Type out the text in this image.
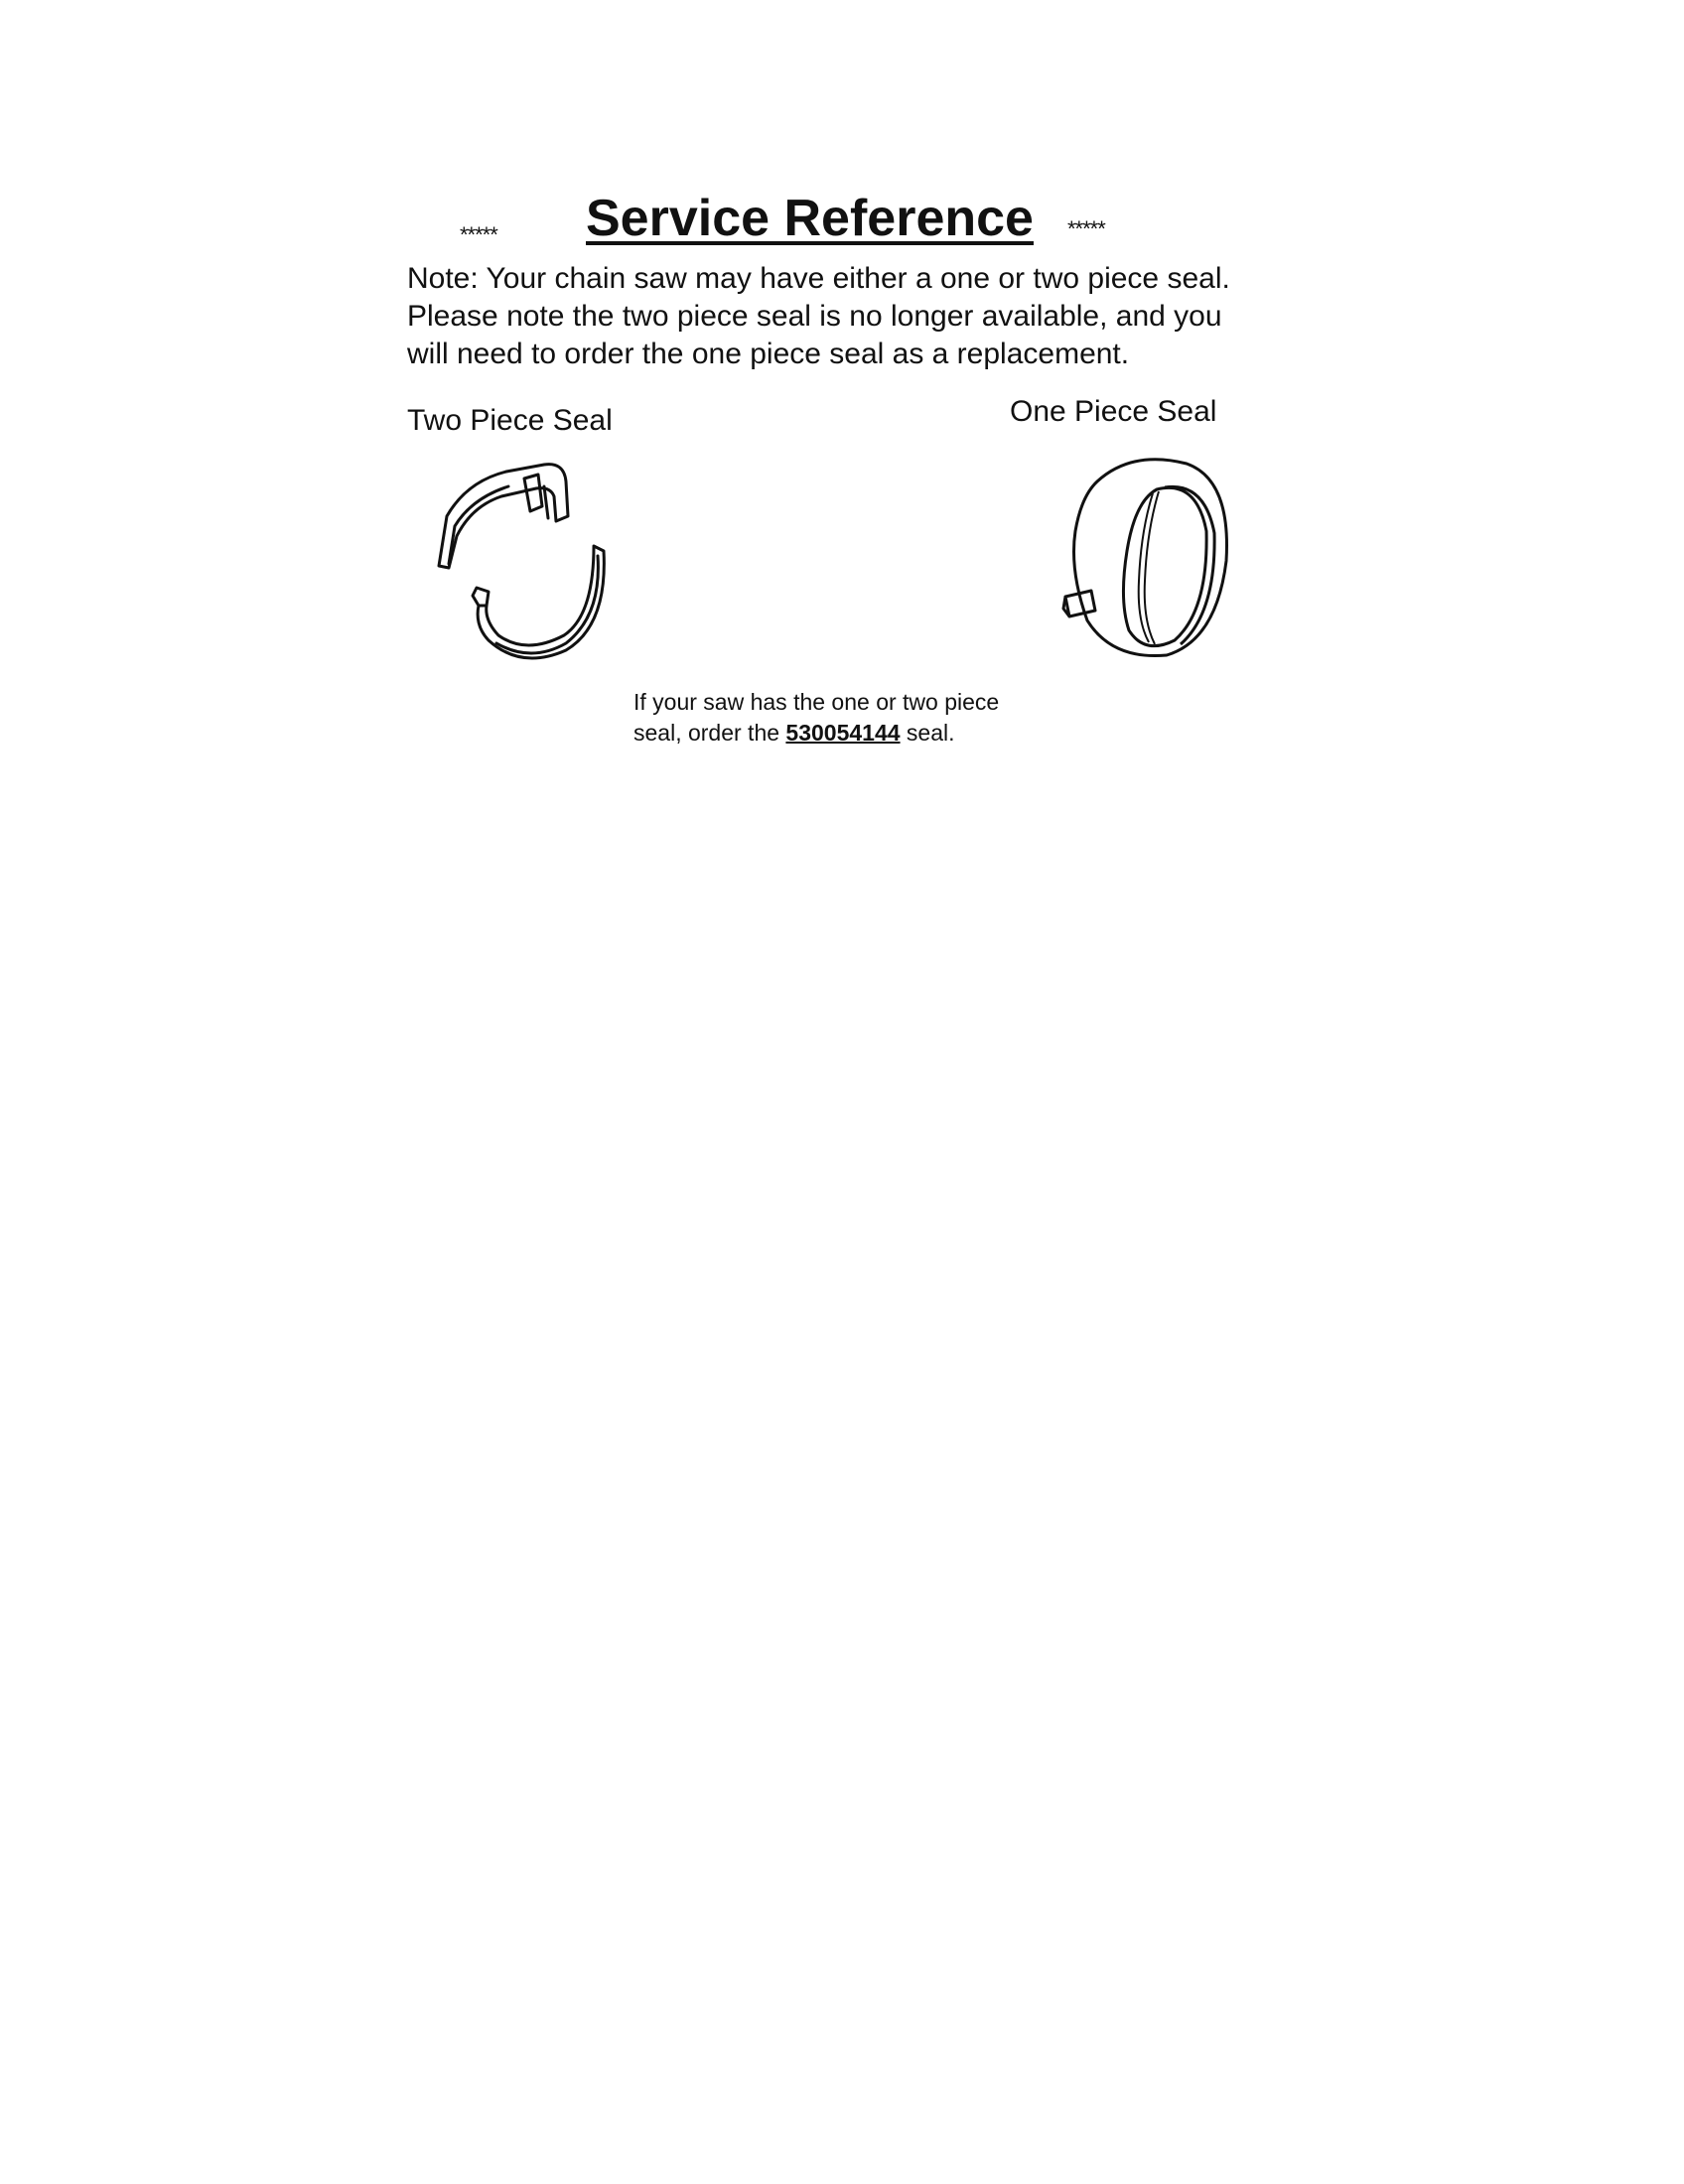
***** Service Reference *****

Note: Your chain saw may have either a one or two piece seal.

Please note the two piece seal is no longer available, and you

will need to order the one piece seal as a replacement.

Two Piece Seal	One Piece Seal
If your saw has the one or two piece seal, order the 530054144 seal.
